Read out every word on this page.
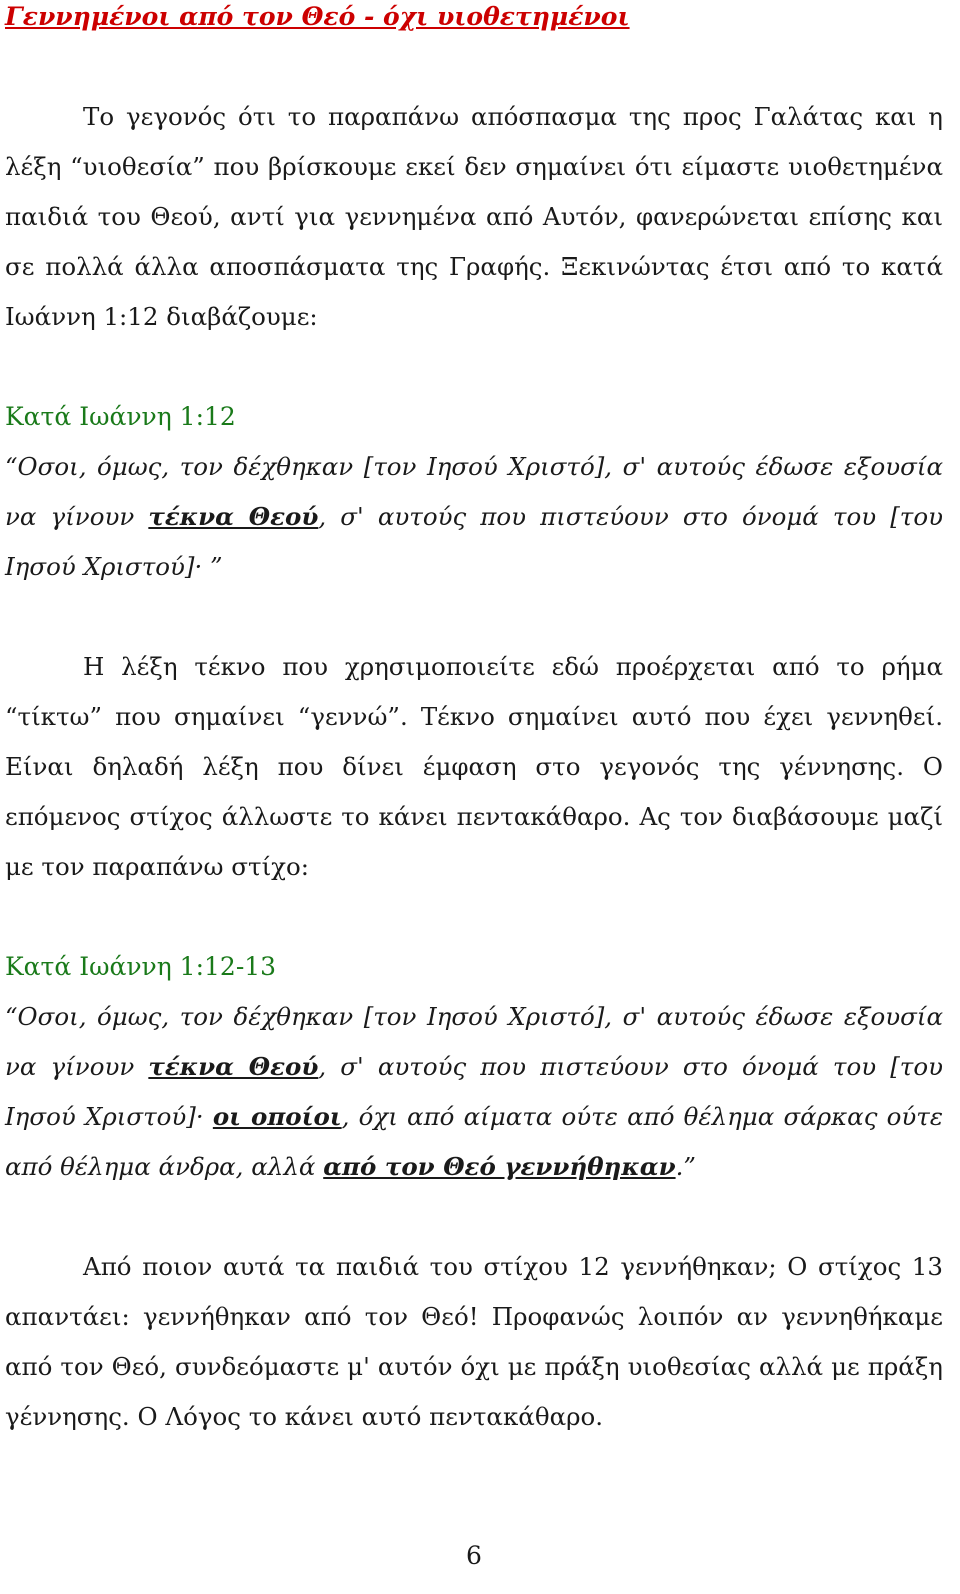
Γεννημένοι από τον Θεό - όχι υιοθετημένοι

Το γεγονός ότι το παραπάνω απόσπασμα της προς Γαλάτας και η λέξη “υιοθεσία” που βρίσκουμε εκεί δεν σημαίνει ότι είμαστε υιοθετημένα παιδιά του Θεού, αντί για γεννημένα από Αυτόν, φανερώνεται επίσης και σε πολλά άλλα αποσπάσματα της Γραφής. Ξεκινώντας έτσι από το κατά Ιωάννη 1:12 διαβάζουμε:

Κατά Ιωάννη 1:12

“Οσοι, όμως, τον δέχθηκαν [τον Ιησού Χριστό], σ' αυτούς έδωσε εξουσία να γίνουν τέκνα Θεού, σ' αυτούς που πιστεύουν στο όνομά του [του Ιησού Χριστού]· ”

Η λέξη τέκνο που χρησιμοποιείτε εδώ προέρχεται από το ρήμα “τίκτω” που σημαίνει “γεννώ”. Τέκνο σημαίνει αυτό που έχει γεννηθεί. Είναι δηλαδή λέξη που δίνει έμφαση στο γεγονός της γέννησης. Ο επόμενος στίχος άλλωστε το κάνει πεντακάθαρο. Ας τον διαβάσουμε μαζί με τον παραπάνω στίχο:

Κατά Ιωάννη 1:12-13

“Οσοι, όμως, τον δέχθηκαν [τον Ιησού Χριστό], σ' αυτούς έδωσε εξουσία να γίνουν τέκνα Θεού, σ' αυτούς που πιστεύουν στο όνομά του [του Ιησού Χριστού]· οι οποίοι, όχι από αίματα ούτε από θέλημα σάρκας ούτε από θέλημα άνδρα, αλλά από τον Θεό γεννήθηκαν.”

Από ποιον αυτά τα παιδιά του στίχου 12 γεννήθηκαν; Ο στίχος 13 απαντάει: γεννήθηκαν από τον Θεό! Προφανώς λοιπόν αν γεννηθήκαμε από τον Θεό, συνδεόμαστε μ' αυτόν όχι με πράξη υιοθεσίας αλλά με πράξη γέννησης. Ο Λόγος το κάνει αυτό πεντακάθαρο.

6
